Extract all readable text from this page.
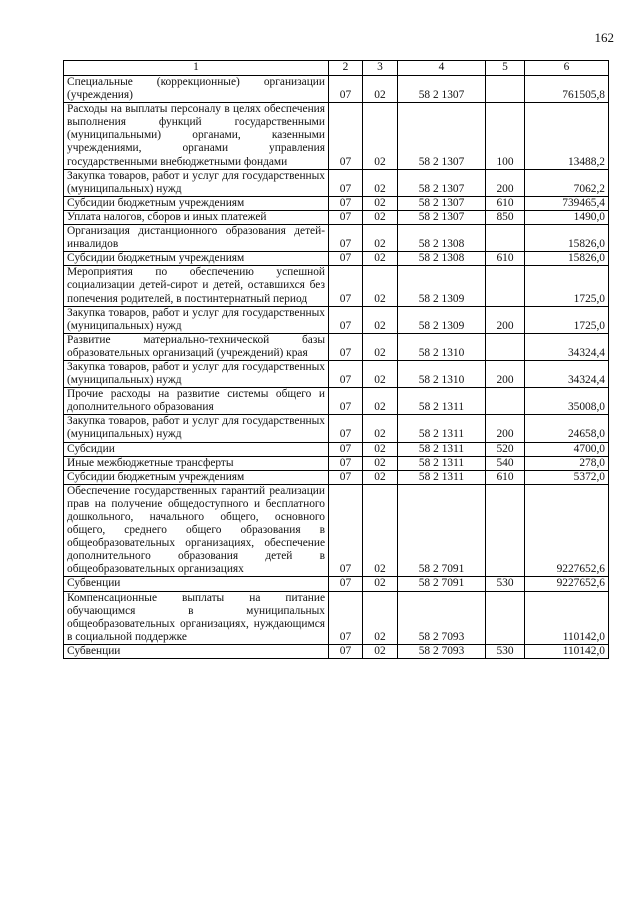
162
1	2	3	4	5	6
Специальные (коррекционные) организации (учреждения)	07	02	58 2 1307		761505,8
Расходы на выплаты персоналу в целях обеспечения выполнения функций государственными (муниципальными) органами, казенными учреждениями, органами управления государственными внебюджетными фондами	07	02	58 2 1307	100	13488,2
Закупка товаров, работ и услуг для государственных (муниципальных) нужд	07	02	58 2 1307	200	7062,2
Субсидии бюджетным учреждениям	07	02	58 2 1307	610	739465,4
Уплата налогов, сборов и иных платежей	07	02	58 2 1307	850	1490,0
Организация дистанционного образования детей-инвалидов	07	02	58 2 1308		15826,0
Субсидии бюджетным учреждениям	07	02	58 2 1308	610	15826,0
Мероприятия по обеспечению успешной социализации детей-сирот и детей, оставшихся без попечения родителей, в постинтернатный период	07	02	58 2 1309		1725,0
Закупка товаров, работ и услуг для государственных (муниципальных) нужд	07	02	58 2 1309	200	1725,0
Развитие материально-технической базы образовательных организаций (учреждений) края	07	02	58 2 1310		34324,4
Закупка товаров, работ и услуг для государственных (муниципальных) нужд	07	02	58 2 1310	200	34324,4
Прочие расходы на развитие системы общего и дополнительного образования	07	02	58 2 1311		35008,0
Закупка товаров, работ и услуг для государственных (муниципальных) нужд	07	02	58 2 1311	200	24658,0
Субсидии	07	02	58 2 1311	520	4700,0
Иные межбюджетные трансферты	07	02	58 2 1311	540	278,0
Субсидии бюджетным учреждениям	07	02	58 2 1311	610	5372,0
Обеспечение государственных гарантий реализации прав на получение общедоступного и бесплатного дошкольного, начального общего, основного общего, среднего общего образования в общеобразовательных организациях, обеспечение дополнительного образования детей в общеобразовательных организациях	07	02	58 2 7091		9227652,6
Субвенции	07	02	58 2 7091	530	9227652,6
Компенсационные выплаты на питание обучающимся в муниципальных общеобразовательных организациях, нуждающимся в социальной поддержке	07	02	58 2 7093		110142,0
Субвенции	07	02	58 2 7093	530	110142,0
